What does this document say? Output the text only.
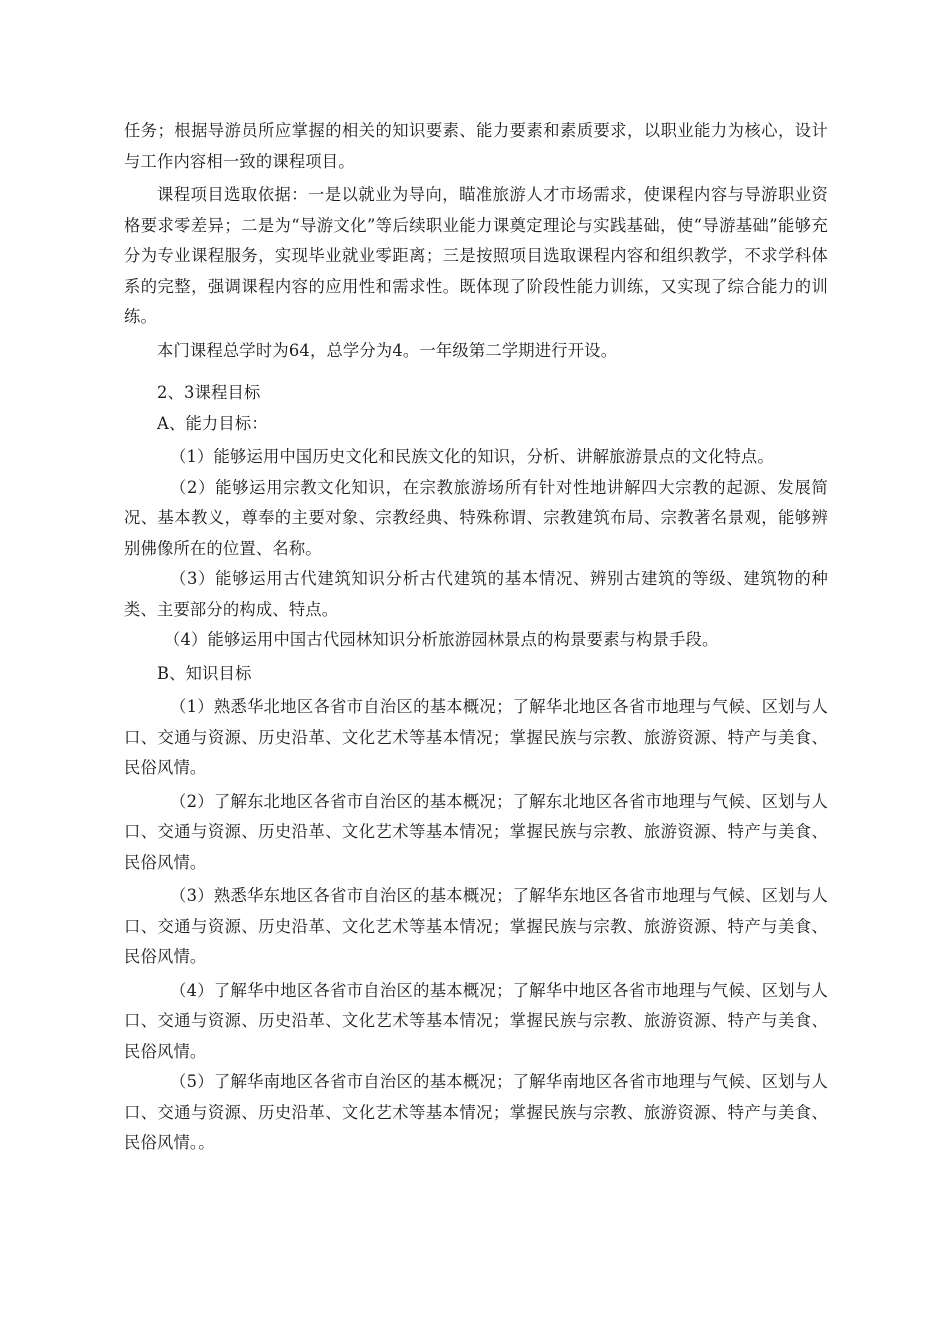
任务；根据导游员所应掌握的相关的知识要素、能力要素和素质要求，以职业能力为核心，设计与工作内容相一致的课程项目。

课程项目选取依据：一是以就业为导向，瞄准旅游人才市场需求，使课程内容与导游职业资格要求零差异；二是为“导游文化”等后续职业能力课奠定理论与实践基础，使“导游基础”能够充分为专业课程服务，实现毕业就业零距离；三是按照项目选取课程内容和组织教学，不求学科体系的完整，强调课程内容的应用性和需求性。既体现了阶段性能力训练，又实现了综合能力的训练。

本门课程总学时为64，总学分为4。一年级第二学期进行开设。

2、3课程目标

A、能力目标：

（1）能够运用中国历史文化和民族文化的知识，分析、讲解旅游景点的文化特点。

（2）能够运用宗教文化知识，在宗教旅游场所有针对性地讲解四大宗教的起源、发展简况、基本教义，尊奉的主要对象、宗教经典、特殊称谓、宗教建筑布局、宗教著名景观，能够辨别佛像所在的位置、名称。

（3）能够运用古代建筑知识分析古代建筑的基本情况、辨别古建筑的等级、建筑物的种类、主要部分的构成、特点。

（4）能够运用中国古代园林知识分析旅游园林景点的构景要素与构景手段。

B、知识目标

（1）熟悉华北地区各省市自治区的基本概况；了解华北地区各省市地理与气候、区划与人口、交通与资源、历史沿革、文化艺术等基本情况；掌握民族与宗教、旅游资源、特产与美食、民俗风情。

（2）了解东北地区各省市自治区的基本概况；了解东北地区各省市地理与气候、区划与人口、交通与资源、历史沿革、文化艺术等基本情况；掌握民族与宗教、旅游资源、特产与美食、民俗风情。

（3）熟悉华东地区各省市自治区的基本概况；了解华东地区各省市地理与气候、区划与人口、交通与资源、历史沿革、文化艺术等基本情况；掌握民族与宗教、旅游资源、特产与美食、民俗风情。

（4）了解华中地区各省市自治区的基本概况；了解华中地区各省市地理与气候、区划与人口、交通与资源、历史沿革、文化艺术等基本情况；掌握民族与宗教、旅游资源、特产与美食、民俗风情。

（5）了解华南地区各省市自治区的基本概况；了解华南地区各省市地理与气候、区划与人口、交通与资源、历史沿革、文化艺术等基本情况；掌握民族与宗教、旅游资源、特产与美食、民俗风情。。
